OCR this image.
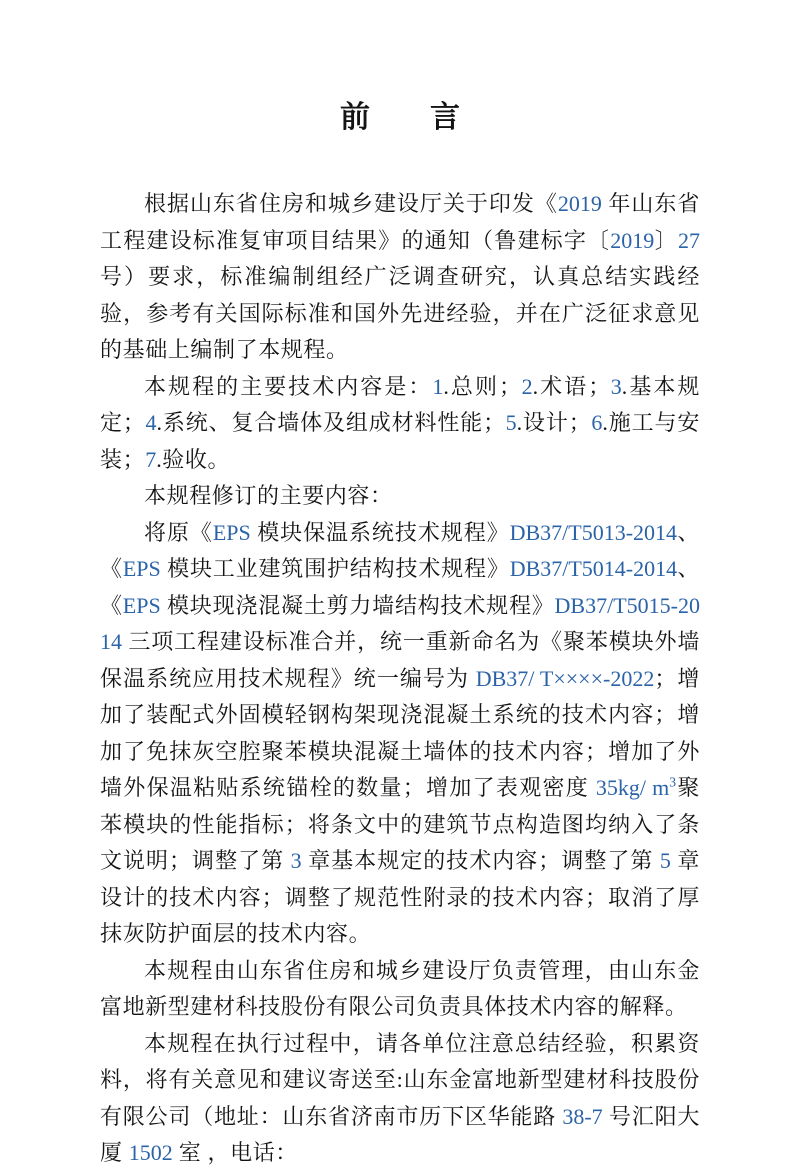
前　　言

根据山东省住房和城乡建设厅关于印发《2019 年山东省工程建设标准复审项目结果》的通知（鲁建标字〔2019〕27 号）要求，标准编制组经广泛调查研究，认真总结实践经验，参考有关国际标准和国外先进经验，并在广泛征求意见的基础上编制了本规程。

本规程的主要技术内容是：1.总则；2.术语；3.基本规定；4.系统、复合墙体及组成材料性能；5.设计；6.施工与安装；7.验收。

本规程修订的主要内容：

将原《EPS 模块保温系统技术规程》DB37/T5013-2014、《EPS 模块工业建筑围护结构技术规程》DB37/T5014-2014、《EPS 模块现浇混凝土剪力墙结构技术规程》DB37/T5015-2014 三项工程建设标准合并，统一重新命名为《聚苯模块外墙保温系统应用技术规程》统一编号为 DB37/ T××××-2022；增加了装配式外固模轻钢构架现浇混凝土系统的技术内容；增加了免抹灰空腔聚苯模块混凝土墙体的技术内容；增加了外墙外保温粘贴系统锚栓的数量；增加了表观密度 35kg/ $m^3$聚苯模块的性能指标；将条文中的建筑节点构造图均纳入了条文说明；调整了第 3 章基本规定的技术内容；调整了第 5 章设计的技术内容；调整了规范性附录的技术内容；取消了厚抹灰防护面层的技术内容。

本规程由山东省住房和城乡建设厅负责管理，由山东金富地新型建材科技股份有限公司负责具体技术内容的解释。

本规程在执行过程中，请各单位注意总结经验，积累资料，将有关意见和建议寄送至:山东金富地新型建材科技股份有限公司（地址：山东省济南市历下区华能路 38-7 号汇阳大厦 1502 室 ，电话：
